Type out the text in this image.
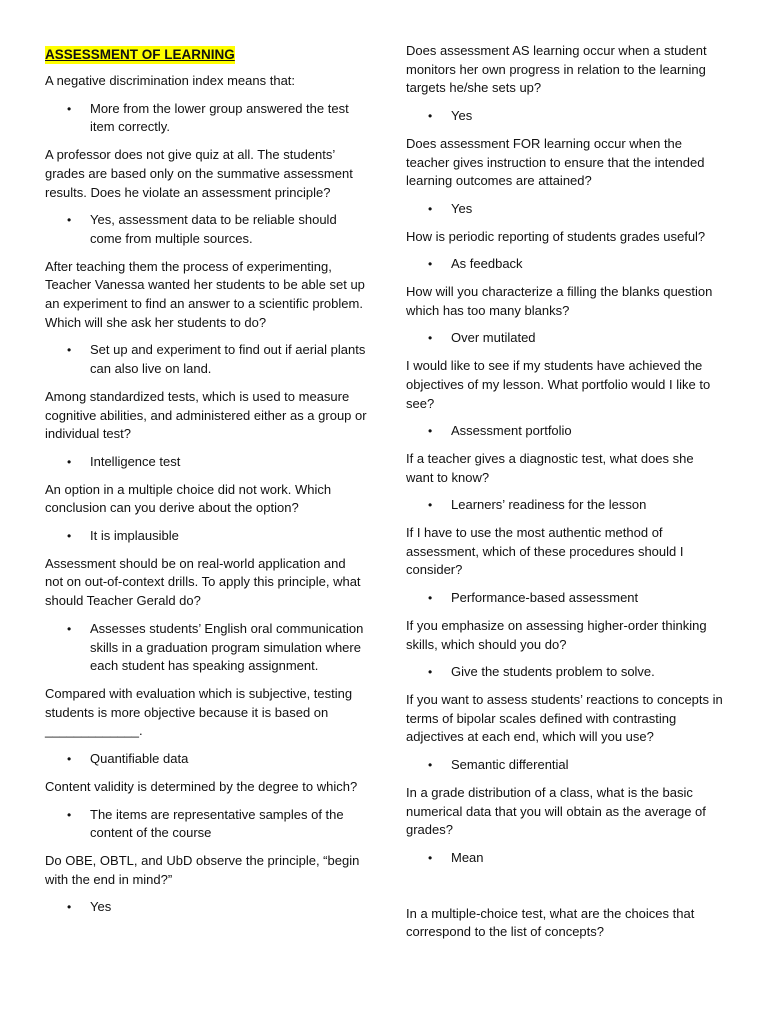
ASSESSMENT OF LEARNING

A negative discrimination index means that:

• More from the lower group answered the test item correctly.

A professor does not give quiz at all. The students’ grades are based only on the summative assessment results. Does he violate an assessment principle?

• Yes, assessment data to be reliable should come from multiple sources.

After teaching them the process of experimenting, Teacher Vanessa wanted her students to be able set up an experiment to find an answer to a scientific problem. Which will she ask her students to do?

• Set up and experiment to find out if aerial plants can also live on land.

Among standardized tests, which is used to measure cognitive abilities, and administered either as a group or individual test?

• Intelligence test

An option in a multiple choice did not work. Which conclusion can you derive about the option?

• It is implausible

Assessment should be on real-world application and not on out-of-context drills. To apply this principle, what should Teacher Gerald do?

• Assesses students’ English oral communication skills in a graduation program simulation where each student has speaking assignment.

Compared with evaluation which is subjective, testing students is more objective because it is based on _____________.

• Quantifiable data

Content validity is determined by the degree to which?

• The items are representative samples of the content of the course

Do OBE, OBTL, and UbD observe the principle, “begin with the end in mind?”

• Yes

Does assessment AS learning occur when a student monitors her own progress in relation to the learning targets he/she sets up?

• Yes

Does assessment FOR learning occur when the teacher gives instruction to ensure that the intended learning outcomes are attained?

• Yes

How is periodic reporting of students grades useful?

• As feedback

How will you characterize a filling the blanks question which has too many blanks?

• Over mutilated

I would like to see if my students have achieved the objectives of my lesson. What portfolio would I like to see?

• Assessment portfolio

If a teacher gives a diagnostic test, what does she want to know?

• Learners’ readiness for the lesson

If I have to use the most authentic method of assessment, which of these procedures should I consider?

• Performance-based assessment

If you emphasize on assessing higher-order thinking skills, which should you do?

• Give the students problem to solve.

If you want to assess students’ reactions to concepts in terms of bipolar scales defined with contrasting adjectives at each end, which will you use?

• Semantic differential

In a grade distribution of a class, what is the basic numerical data that you will obtain as the average of grades?

• Mean

In a multiple-choice test, what are the choices that correspond to the list of concepts?
